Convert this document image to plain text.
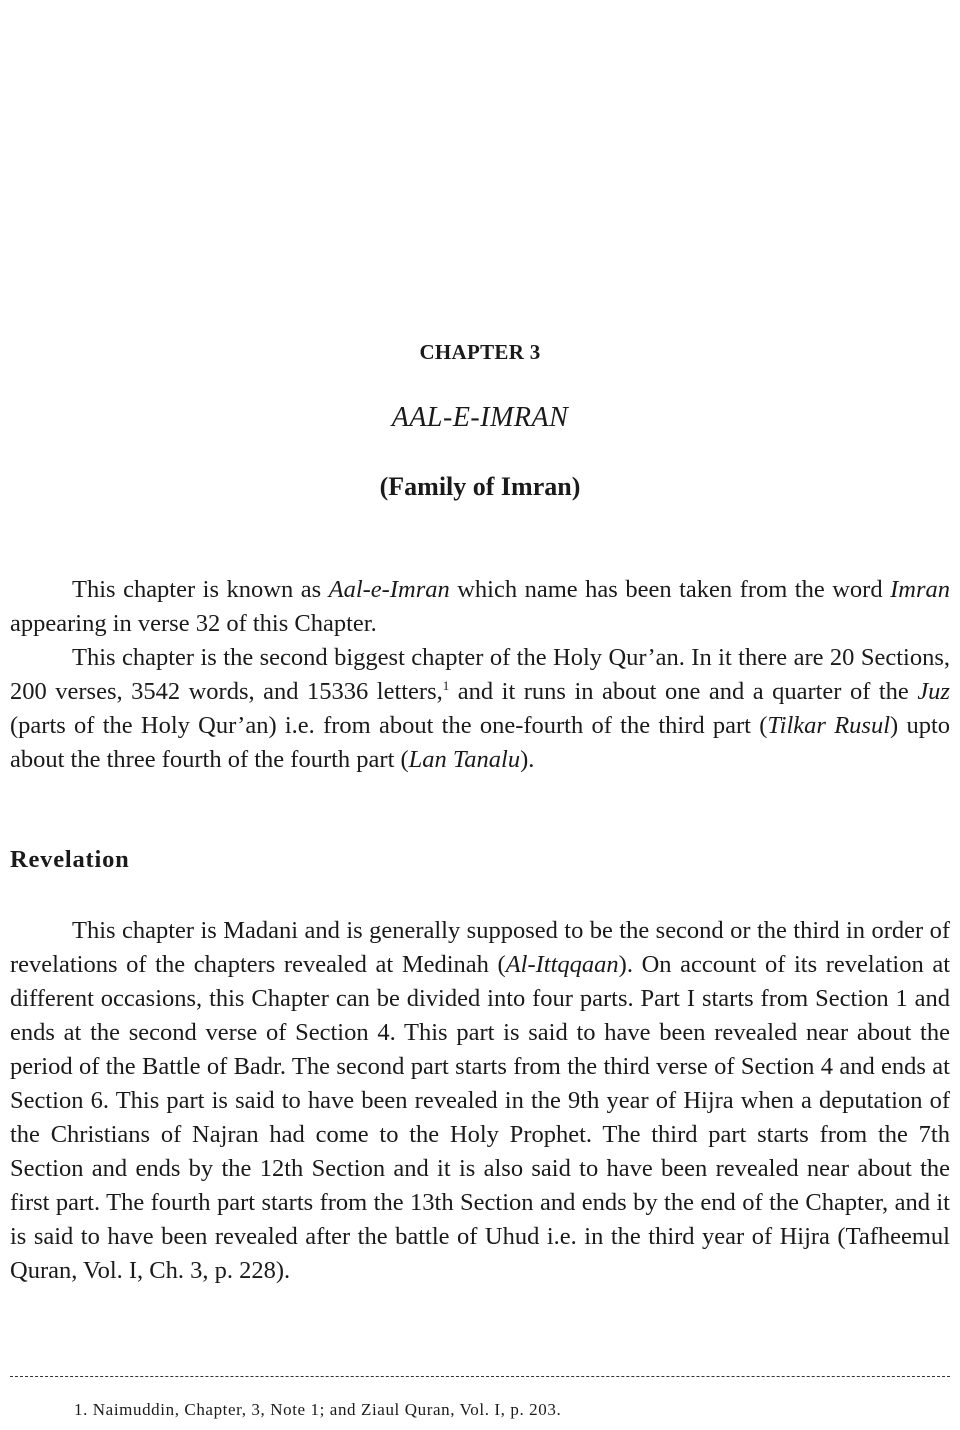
CHAPTER 3
AAL-E-IMRAN
(Family of Imran)

This chapter is known as Aal-e-Imran which name has been taken from the word Imran appearing in verse 32 of this Chapter.

This chapter is the second biggest chapter of the Holy Qur’an. In it there are 20 Sections, 200 verses, 3542 words, and 15336 letters,$^1$ and it runs in about one and a quarter of the Juz (parts of the Holy Qur’an) i.e. from about the one-fourth of the third part (Tilkar Rusul) upto about the three fourth of the fourth part (Lan Tanalu).

Revelation

This chapter is Madani and is generally supposed to be the second or the third in order of revelations of the chapters revealed at Medinah (Al-Ittqqaan). On account of its revelation at different occasions, this Chapter can be divided into four parts. Part I starts from Section 1 and ends at the second verse of Section 4. This part is said to have been revealed near about the period of the Battle of Badr. The second part starts from the third verse of Section 4 and ends at Section 6. This part is said to have been revealed in the 9th year of Hijra when a deputation of the Christians of Najran had come to the Holy Prophet. The third part starts from the 7th Section and ends by the 12th Section and it is also said to have been revealed near about the first part. The fourth part starts from the 13th Section and ends by the end of the Chapter, and it is said to have been revealed after the battle of Uhud i.e. in the third year of Hijra (Tafheemul Quran, Vol. I, Ch. 3, p. 228).

1. Naimuddin, Chapter, 3, Note 1; and Ziaul Quran, Vol. I, p. 203.
